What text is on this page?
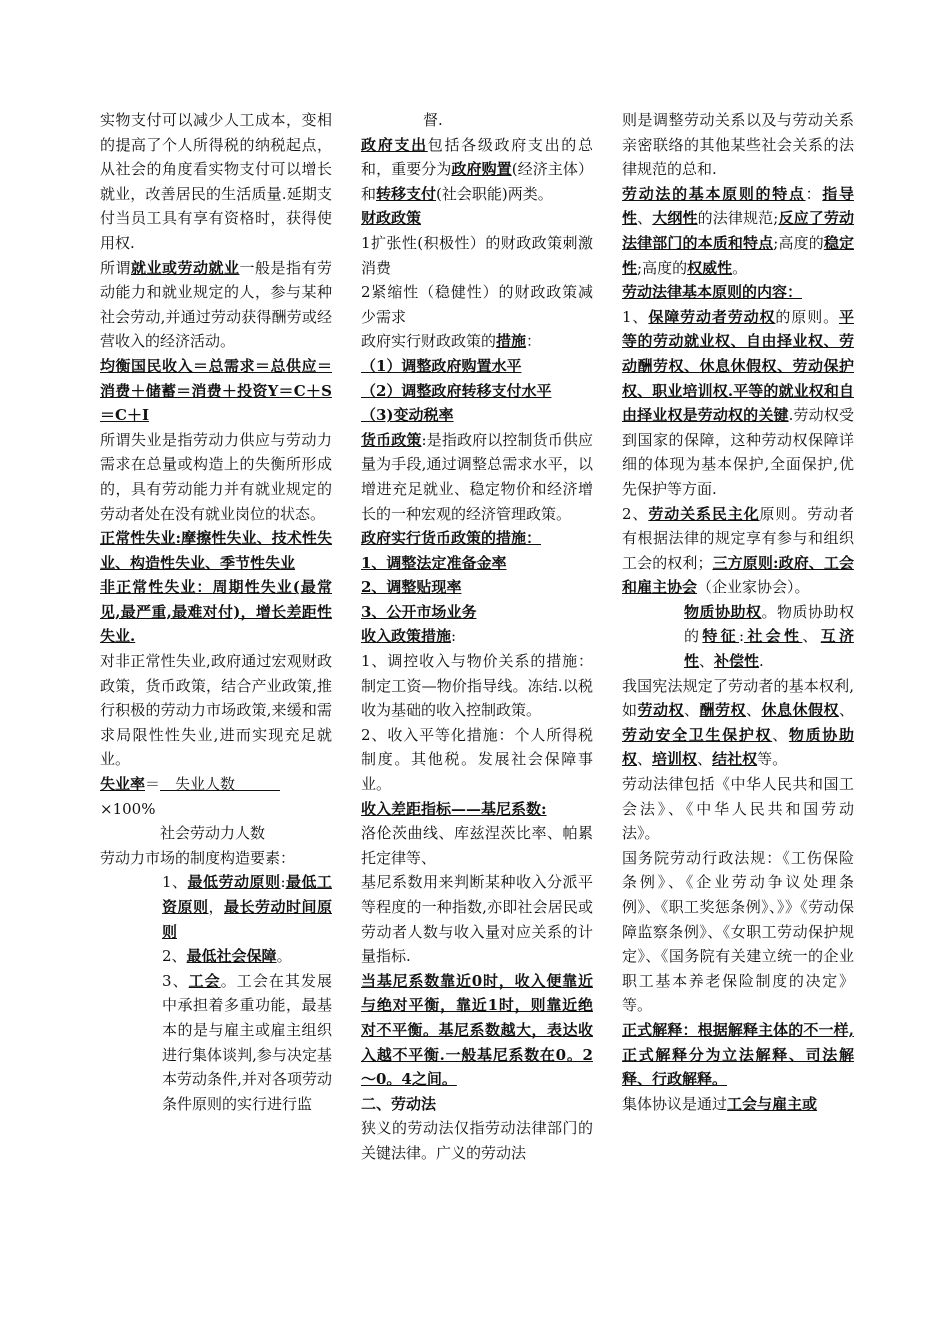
实物支付可以减少人工成本，变相的提高了个人所得税的纳税起点，从社会的角度看实物支付可以增长就业，改善居民的生活质量.延期支付当员工具有享有资格时，获得使用权.

所谓就业或劳动就业一般是指有劳动能力和就业规定的人，参与某种社会劳动,并通过劳动获得酬劳或经营收入的经济活动。

均衡国民收入＝总需求＝总供应＝消费＋储蓄＝消费＋投资Y＝C＋S＝C＋I

所谓失业是指劳动力供应与劳动力需求在总量或构造上的失衡所形成的，具有劳动能力并有就业规定的劳动者处在没有就业岗位的状态。

正常性失业:摩擦性失业、技术性失业、构造性失业、季节性失业

非正常性失业：周期性失业(最常见,最严重,最难对付)，增长差距性失业.

对非正常性失业,政府通过宏观财政政策，货币政策，结合产业政策,推行积极的劳动力市场政策,来缓和需求局限性性失业,进而实现充足就业。

失业率＝　失业人数　　　

×100%

社会劳动力人数

劳动力市场的制度构造要素：

1、最低劳动原则:最低工资原则，最长劳动时间原则

2、最低社会保障。

3、工会。工会在其发展中承担着多重功能，最基本的是与雇主或雇主组织进行集体谈判,参与决定基本劳动条件,并对各项劳动条件原则的实行进行监

督.

政府支出包括各级政府支出的总和，重要分为政府购置(经济主体）和转移支付(社会职能)两类。

财政政策

1扩张性(积极性）的财政政策刺激消费

2紧缩性（稳健性）的财政政策减少需求

政府实行财政政策的措施：

（1）调整政府购置水平

（2）调整政府转移支付水平

（3)变动税率

货币政策:是指政府以控制货币供应量为手段,通过调整总需求水平，以增进充足就业、稳定物价和经济增长的一种宏观的经济管理政策。

政府实行货币政策的措施：

1、调整法定准备金率

2、调整贴现率

3、公开市场业务

收入政策措施:

1、调控收入与物价关系的措施：制定工资—物价指导线。冻结.以税收为基础的收入控制政策。

2、收入平等化措施：个人所得税制度。其他税。发展社会保障事业。

收入差距指标——基尼系数:

洛伦茨曲线、库兹涅茨比率、帕累托定律等、

基尼系数用来判断某种收入分派平等程度的一种指数,亦即社会居民或劳动者人数与收入量对应关系的计量指标.

当基尼系数靠近0时，收入便靠近与绝对平衡，靠近1时，则靠近绝对不平衡。基尼系数越大，表达收入越不平衡.一般基尼系数在0。2～0。4之间。

二、劳动法

狭义的劳动法仅指劳动法律部门的关键法律。广义的劳动法

则是调整劳动关系以及与劳动关系亲密联络的其他某些社会关系的法律规范的总和.

劳动法的基本原则的特点：指导性、大纲性的法律规范;反应了劳动法律部门的本质和特点;高度的稳定性;高度的权威性。

劳动法律基本原则的内容：

1、保障劳动者劳动权的原则。平等的劳动就业权、自由择业权、劳动酬劳权、休息休假权、劳动保护权、职业培训权.平等的就业权和自由择业权是劳动权的关键.劳动权受到国家的保障，这种劳动权保障详细的体现为基本保护,全面保护,优先保护等方面.

2、劳动关系民主化原则。劳动者有根据法律的规定享有参与和组织工会的权利；三方原则:政府、工会和雇主协会（企业家协会）。

物质协助权。物质协助权的特征:社会性、互济性、补偿性.

我国宪法规定了劳动者的基本权利,如劳动权、酬劳权、休息休假权、劳动安全卫生保护权、物质协助权、培训权、结社权等。

劳动法律包括《中华人民共和国工会法》、《中华人民共和国劳动法》。

国务院劳动行政法规：《工伤保险条例》、《企业劳动争议处理条例》、《职工奖惩条例》、》》《劳动保障监察条例》、《女职工劳动保护规定》、《国务院有关建立统一的企业职工基本养老保险制度的决定》等。

正式解释：根据解释主体的不一样,正式解释分为立法解释、司法解释、行政解释。

集体协议是通过工会与雇主或
